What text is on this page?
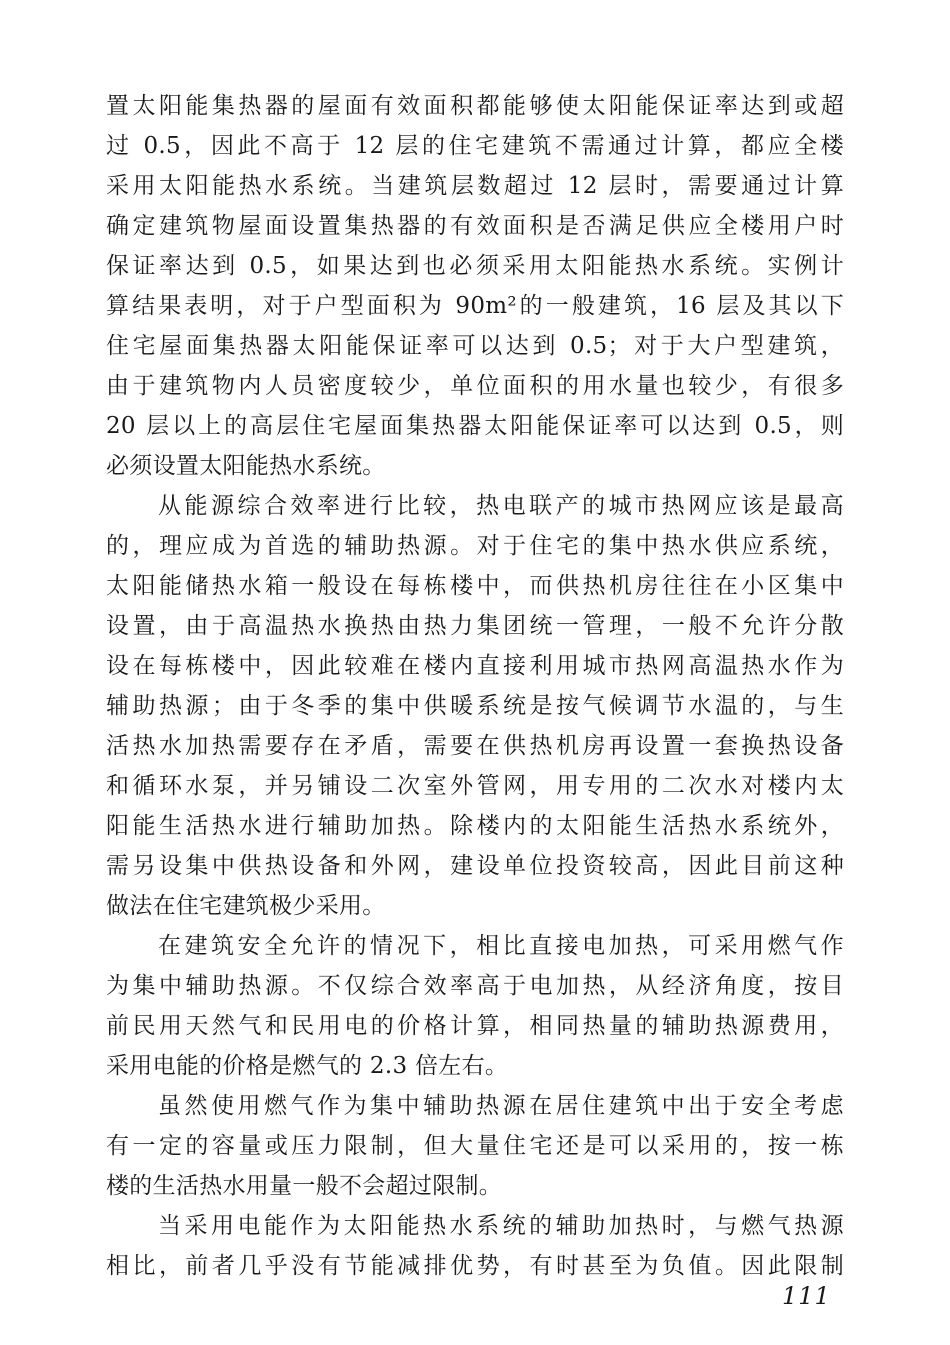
置太阳能集热器的屋面有效面积都能够使太阳能保证率达到或超
过 0.5，因此不高于 12 层的住宅建筑不需通过计算，都应全楼
采用太阳能热水系统。当建筑层数超过 12 层时，需要通过计算
确定建筑物屋面设置集热器的有效面积是否满足供应全楼用户时
保证率达到 0.5，如果达到也必须采用太阳能热水系统。实例计
算结果表明，对于户型面积为 90m²的一般建筑，16 层及其以下
住宅屋面集热器太阳能保证率可以达到 0.5；对于大户型建筑，
由于建筑物内人员密度较少，单位面积的用水量也较少，有很多
20 层以上的高层住宅屋面集热器太阳能保证率可以达到 0.5，则
必须设置太阳能热水系统。
从能源综合效率进行比较，热电联产的城市热网应该是最高
的，理应成为首选的辅助热源。对于住宅的集中热水供应系统，
太阳能储热水箱一般设在每栋楼中，而供热机房往往在小区集中
设置，由于高温热水换热由热力集团统一管理，一般不允许分散
设在每栋楼中，因此较难在楼内直接利用城市热网高温热水作为
辅助热源；由于冬季的集中供暖系统是按气候调节水温的，与生
活热水加热需要存在矛盾，需要在供热机房再设置一套换热设备
和循环水泵，并另铺设二次室外管网，用专用的二次水对楼内太
阳能生活热水进行辅助加热。除楼内的太阳能生活热水系统外，
需另设集中供热设备和外网，建设单位投资较高，因此目前这种
做法在住宅建筑极少采用。
在建筑安全允许的情况下，相比直接电加热，可采用燃气作
为集中辅助热源。不仅综合效率高于电加热，从经济角度，按目
前民用天然气和民用电的价格计算，相同热量的辅助热源费用，
采用电能的价格是燃气的 2.3 倍左右。
虽然使用燃气作为集中辅助热源在居住建筑中出于安全考虑
有一定的容量或压力限制，但大量住宅还是可以采用的，按一栋
楼的生活热水用量一般不会超过限制。
当采用电能作为太阳能热水系统的辅助加热时，与燃气热源
相比，前者几乎没有节能减排优势，有时甚至为负值。因此限制
111
